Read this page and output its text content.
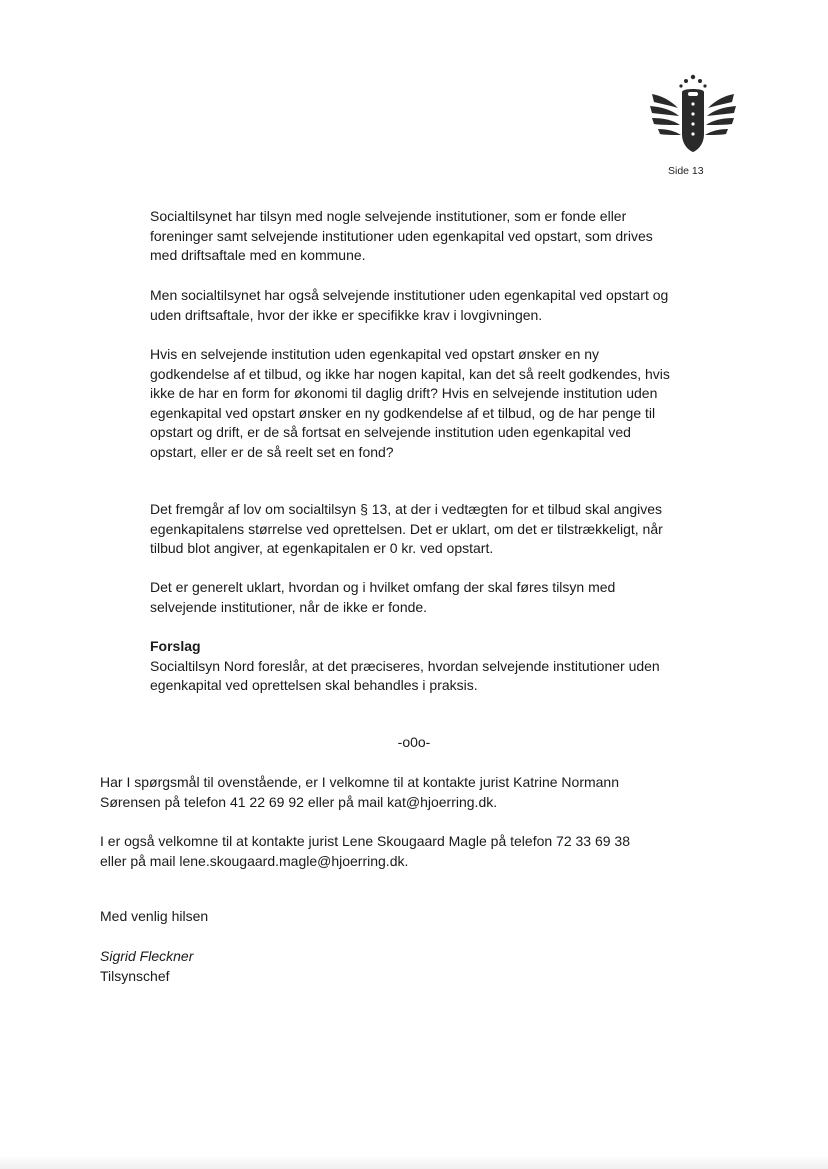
Side 13

Socialtilsynet har tilsyn med nogle selvejende institutioner, som er fonde eller foreninger samt selvejende institutioner uden egenkapital ved opstart, som drives med driftsaftale med en kommune.

Men socialtilsynet har også selvejende institutioner uden egenkapital ved opstart og uden driftsaftale, hvor der ikke er specifikke krav i lovgivningen.

Hvis en selvejende institution uden egenkapital ved opstart ønsker en ny godkendelse af et tilbud, og ikke har nogen kapital, kan det så reelt godkendes, hvis ikke de har en form for økonomi til daglig drift? Hvis en selvejende institution uden egenkapital ved opstart ønsker en ny godkendelse af et tilbud, og de har penge til opstart og drift, er de så fortsat en selvejende institution uden egenkapital ved opstart, eller er de så reelt set en fond?

Det fremgår af lov om socialtilsyn § 13, at der i vedtægten for et tilbud skal angives egenkapitalens størrelse ved oprettelsen. Det er uklart, om det er tilstrækkeligt, når tilbud blot angiver, at egenkapitalen er 0 kr. ved opstart.

Det er generelt uklart, hvordan og i hvilket omfang der skal føres tilsyn med selvejende institutioner, når de ikke er fonde.

Forslag
Socialtilsyn Nord foreslår, at det præciseres, hvordan selvejende institutioner uden egenkapital ved oprettelsen skal behandles i praksis.
-o0o-

Har I spørgsmål til ovenstående, er I velkomne til at kontakte jurist Katrine Normann Sørensen på telefon 41 22 69 92 eller på mail kat@hjoerring.dk.

I er også velkomne til at kontakte jurist Lene Skougaard Magle på telefon 72 33 69 38 eller på mail lene.skougaard.magle@hjoerring.dk.

Med venlig hilsen

Sigrid Fleckner
Tilsynschef
